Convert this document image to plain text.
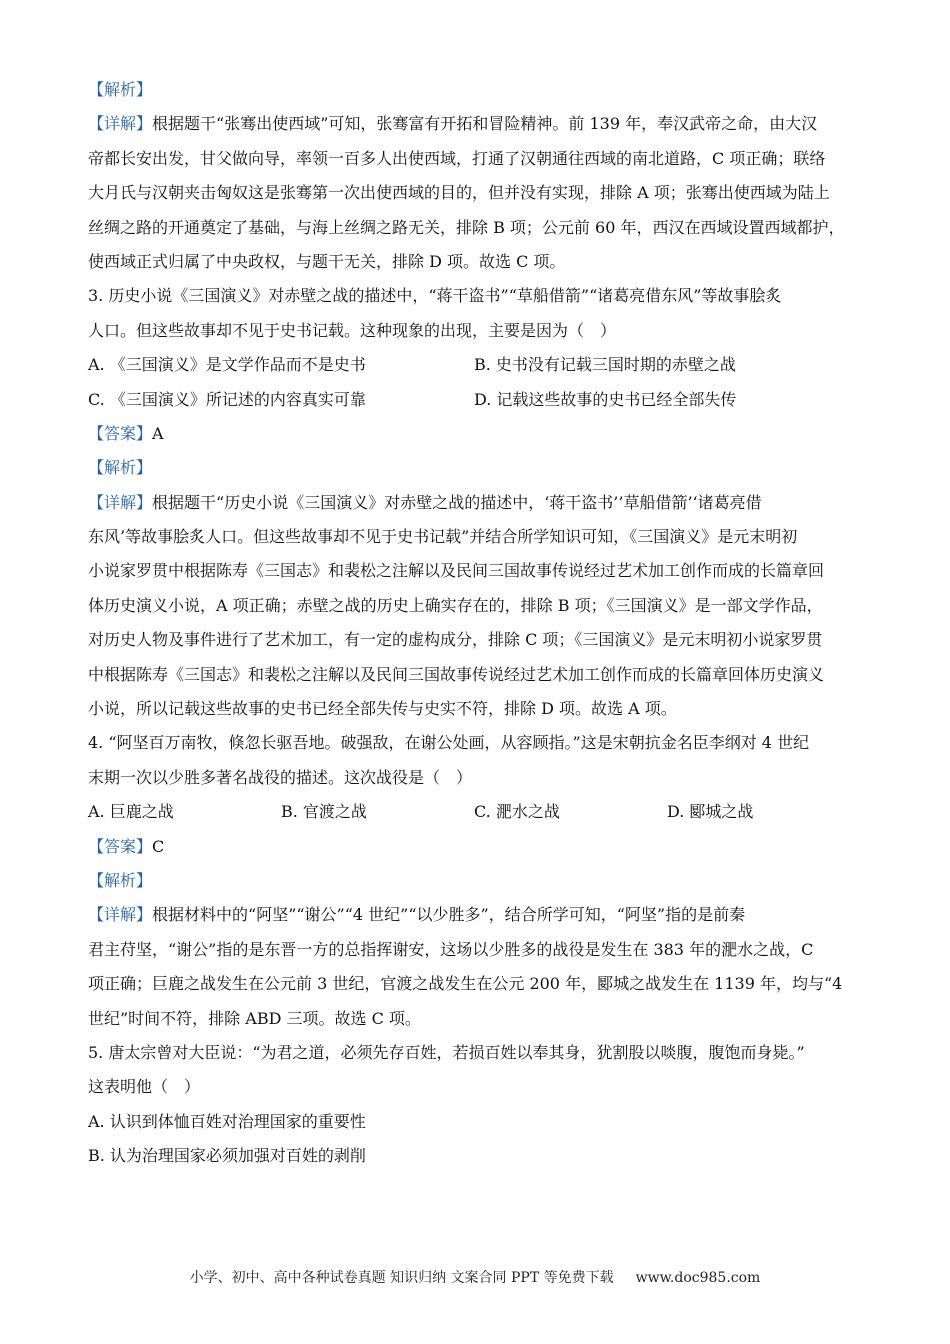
【解析】
【详解】根据题干“张骞出使西域”可知，张骞富有开拓和冒险精神。前 139 年，奉汉武帝之命，由大汉
帝都长安出发，甘父做向导，率领一百多人出使西域，打通了汉朝通往西域的南北道路，C 项正确；联络
大月氏与汉朝夹击匈奴这是张骞第一次出使西域的目的，但并没有实现，排除 A 项；张骞出使西域为陆上
丝绸之路的开通奠定了基础，与海上丝绸之路无关，排除 B 项；公元前 60 年，西汉在西域设置西域都护，
使西域正式归属了中央政权，与题干无关，排除 D 项。故选 C 项。
3. 历史小说《三国演义》对赤壁之战的描述中，“蒋干盗书”“草船借箭”“诸葛亮借东风”等故事脍炙
人口。但这些故事却不见于史书记载。这种现象的出现，主要是因为（　）
A. 《三国演义》是文学作品而不是史书	B. 史书没有记载三国时期的赤壁之战
C. 《三国演义》所记述的内容真实可靠	D. 记载这些故事的史书已经全部失传
【答案】A
【解析】
【详解】根据题干“历史小说《三国演义》对赤壁之战的描述中，‘蒋干盗书’’草船借箭’‘诸葛亮借
东风’等故事脍炙人口。但这些故事却不见于史书记载”并结合所学知识可知，《三国演义》是元末明初
小说家罗贯中根据陈寿《三国志》和裴松之注解以及民间三国故事传说经过艺术加工创作而成的长篇章回
体历史演义小说，A 项正确；赤壁之战的历史上确实存在的，排除 B 项；《三国演义》是一部文学作品，
对历史人物及事件进行了艺术加工，有一定的虚构成分，排除 C 项；《三国演义》是元末明初小说家罗贯
中根据陈寿《三国志》和裴松之注解以及民间三国故事传说经过艺术加工创作而成的长篇章回体历史演义
小说，所以记载这些故事的史书已经全部失传与史实不符，排除 D 项。故选 A 项。
4. “阿坚百万南牧，倏忽长驱吾地。破强敌，在谢公处画，从容顾指。”这是宋朝抗金名臣李纲对 4 世纪
末期一次以少胜多著名战役的描述。这次战役是（　）
A. 巨鹿之战	B. 官渡之战	C. 淝水之战	D. 郾城之战
【答案】C
【解析】
【详解】根据材料中的“阿坚”“谢公”“4 世纪”“以少胜多”，结合所学可知，“阿坚”指的是前秦
君主苻坚，“谢公”指的是东晋一方的总指挥谢安，这场以少胜多的战役是发生在 383 年的淝水之战，C
项正确；巨鹿之战发生在公元前 3 世纪，官渡之战发生在公元 200 年，郾城之战发生在 1139 年，均与“4
世纪”时间不符，排除 ABD 三项。故选 C 项。
5. 唐太宗曾对大臣说：“为君之道，必须先存百姓，若损百姓以奉其身，犹割股以啖腹，腹饱而身毙。”
这表明他（　）
A. 认识到体恤百姓对治理国家的重要性
B. 认为治理国家必须加强对百姓的剥削
小学、初中、高中各种试卷真题 知识归纳 文案合同 PPT 等免费下载 www.doc985.com
